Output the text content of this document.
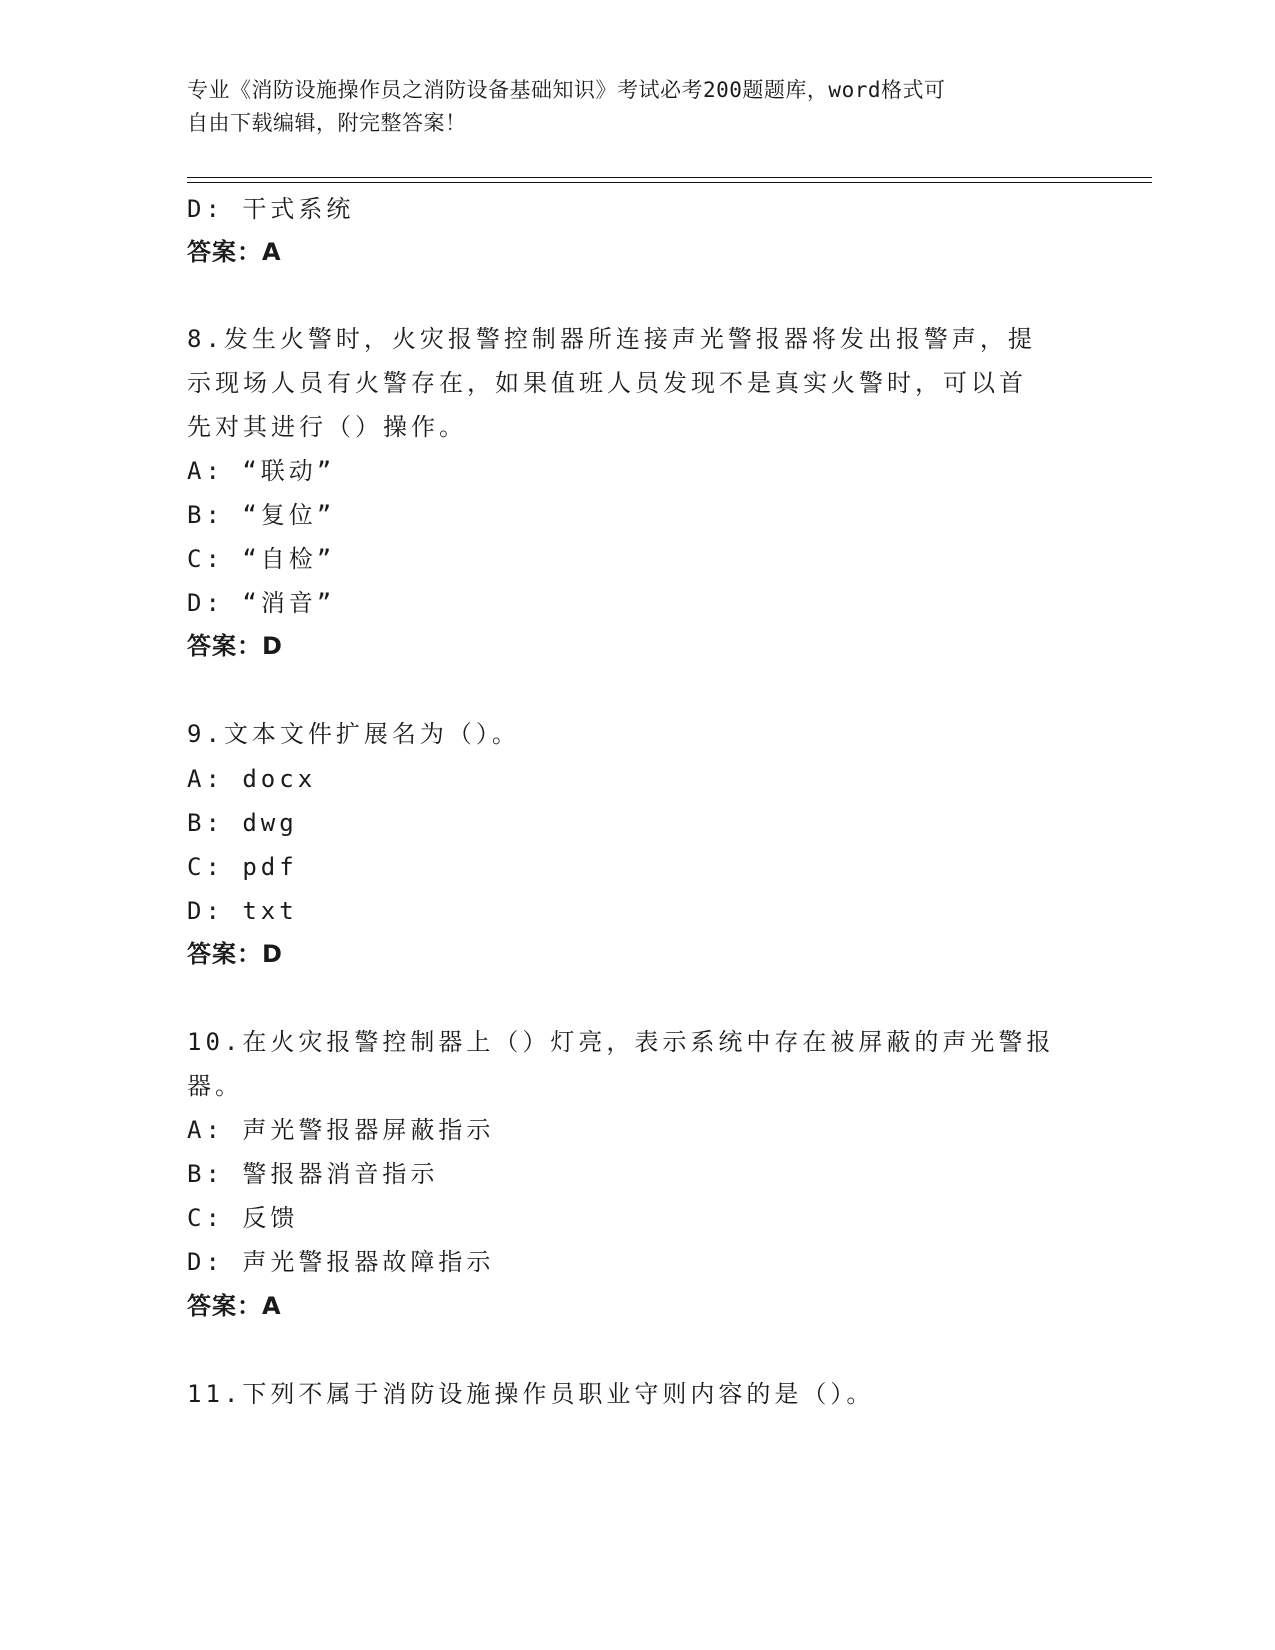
专业《消防设施操作员之消防设备基础知识》考试必考200题题库，word格式可
自由下载编辑，附完整答案！
D: 干式系统
答案：A
8.发生火警时，火灾报警控制器所连接声光警报器将发出报警声，提
示现场人员有火警存在，如果值班人员发现不是真实火警时，可以首
先对其进行（）操作。
A: “联动”
B: “复位”
C: “自检”
D: “消音”
答案：D
9.文本文件扩展名为（）。
A: docx
B: dwg
C: pdf
D: txt
答案：D
10.在火灾报警控制器上（）灯亮，表示系统中存在被屏蔽的声光警报
器。
A: 声光警报器屏蔽指示
B: 警报器消音指示
C: 反馈
D: 声光警报器故障指示
答案：A
11.下列不属于消防设施操作员职业守则内容的是（）。
